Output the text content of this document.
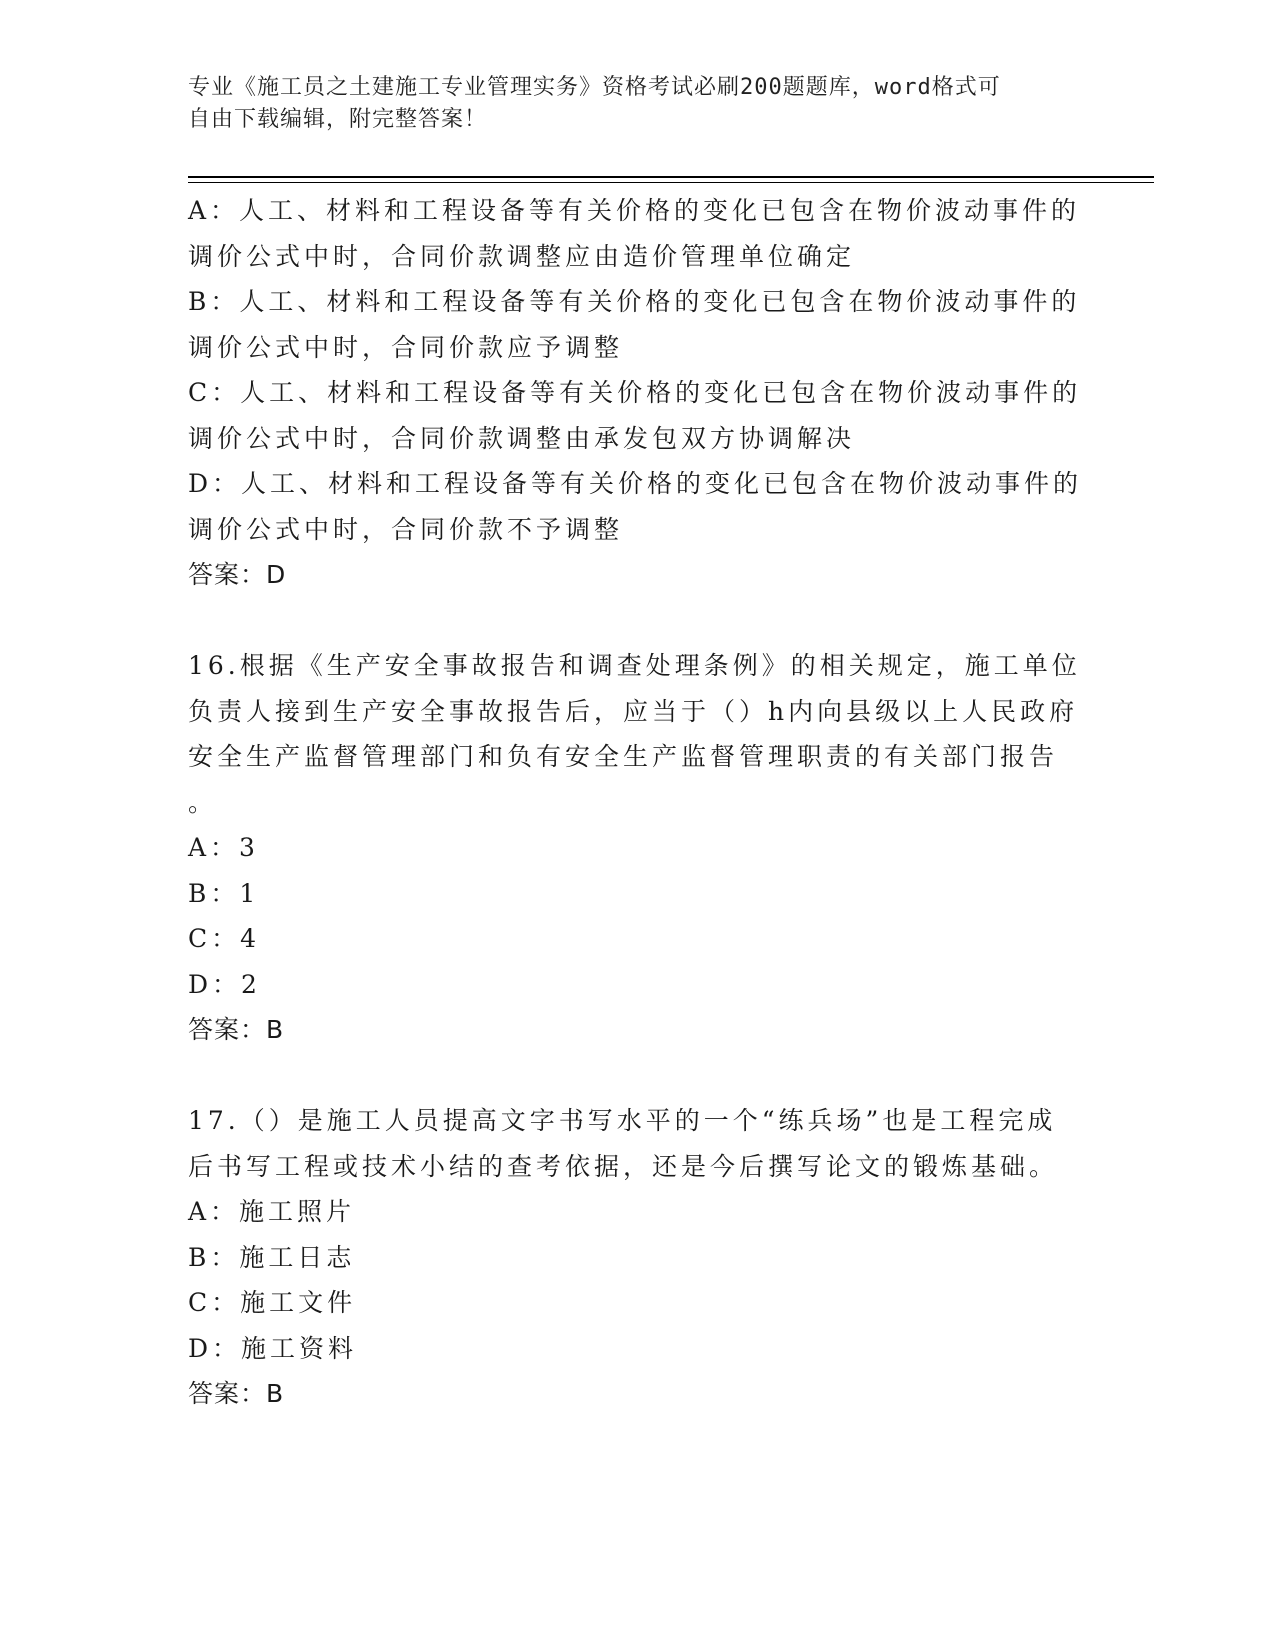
专业《施工员之土建施工专业管理实务》资格考试必刷200题题库，word格式可
自由下载编辑，附完整答案！
A：人工、材料和工程设备等有关价格的变化已包含在物价波动事件的
调价公式中时，合同价款调整应由造价管理单位确定
B：人工、材料和工程设备等有关价格的变化已包含在物价波动事件的
调价公式中时，合同价款应予调整
C：人工、材料和工程设备等有关价格的变化已包含在物价波动事件的
调价公式中时，合同价款调整由承发包双方协调解决
D：人工、材料和工程设备等有关价格的变化已包含在物价波动事件的
调价公式中时，合同价款不予调整
答案：D
16.根据《生产安全事故报告和调查处理条例》的相关规定，施工单位
负责人接到生产安全事故报告后，应当于（）h内向县级以上人民政府
安全生产监督管理部门和负有安全生产监督管理职责的有关部门报告
。
A：3
B：1
C：4
D：2
答案：B
17.（）是施工人员提高文字书写水平的一个“练兵场”也是工程完成
后书写工程或技术小结的查考依据，还是今后撰写论文的锻炼基础。
A：施工照片
B：施工日志
C：施工文件
D：施工资料
答案：B
